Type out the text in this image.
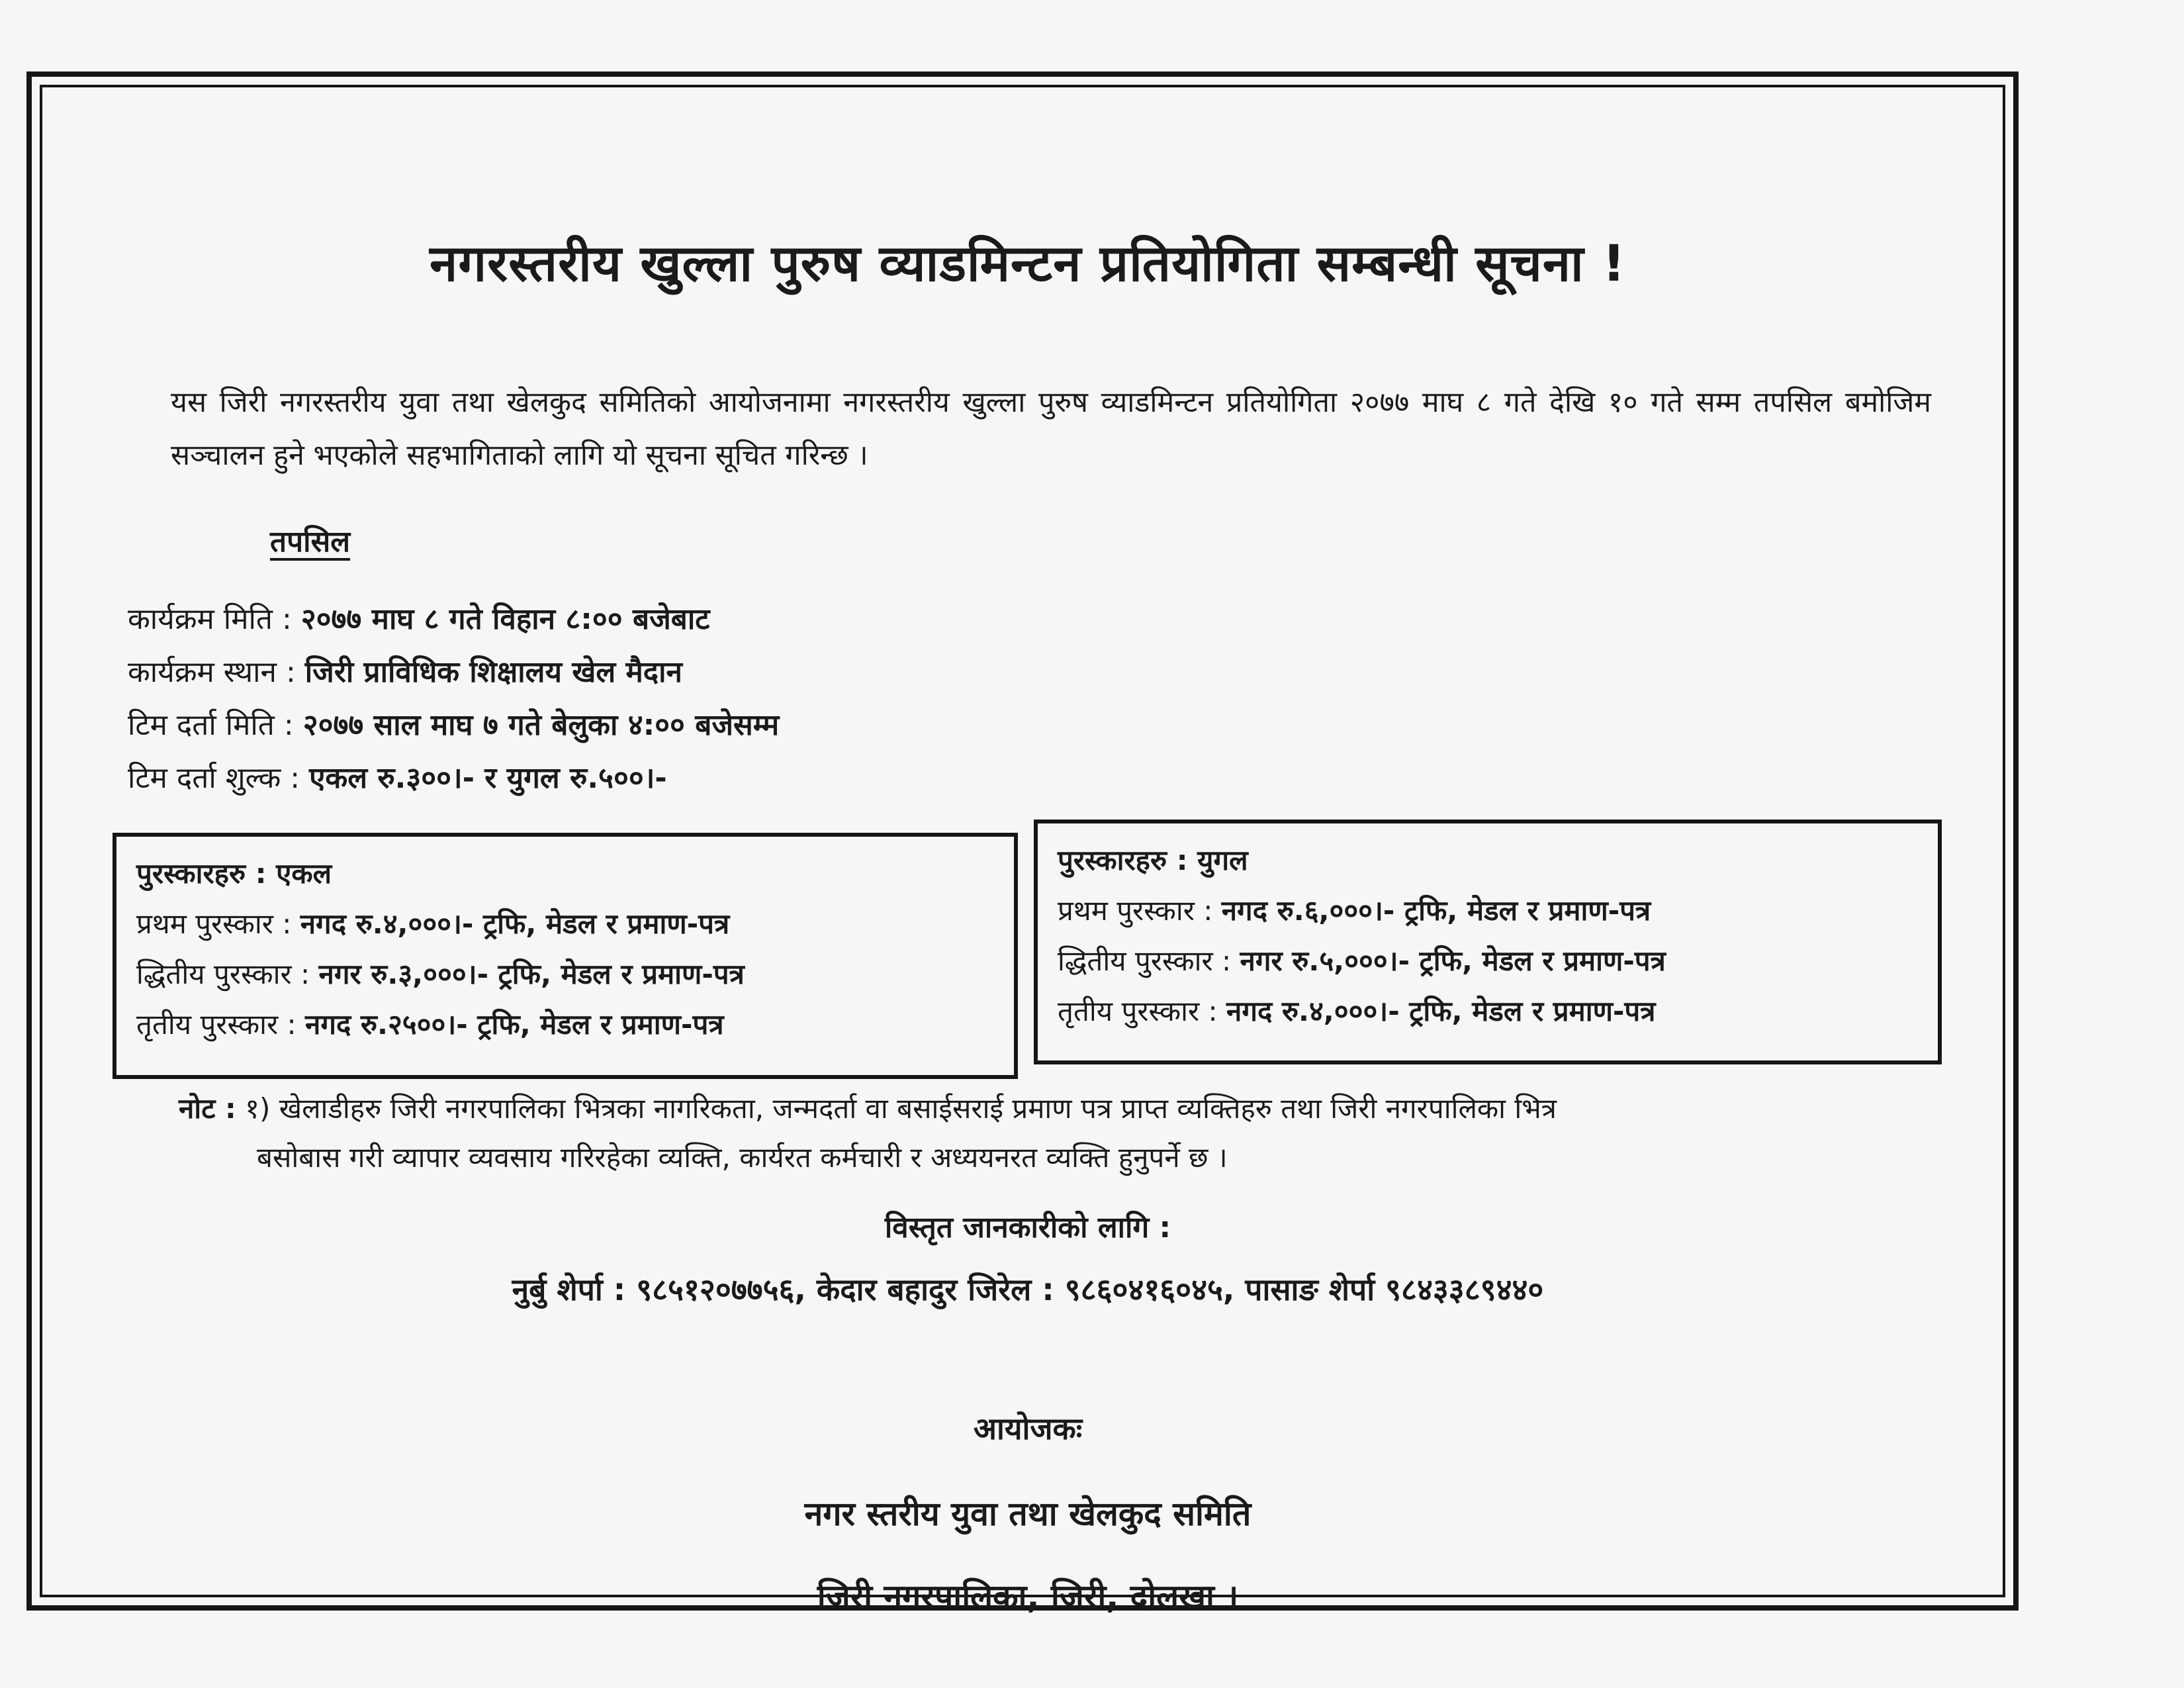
नगरस्तरीय खुल्ला पुरुष व्याडमिन्टन प्रतियोगिता सम्बन्धी सूचना !
यस जिरी नगरस्तरीय युवा तथा खेलकुद समितिको आयोजनामा नगरस्तरीय खुल्ला पुरुष व्याडमिन्टन प्रतियोगिता २०७७ माघ ८ गते देखि १० गते सम्म तपसिल बमोजिम सञ्चालन हुने भएकोले सहभागिताको लागि यो सूचना सूचित गरिन्छ ।
तपसिल
कार्यक्रम मिति : २०७७ माघ ८ गते विहान ८:०० बजेबाट
कार्यक्रम स्थान : जिरी प्राविधिक शिक्षालय खेल मैदान
टिम दर्ता मिति : २०७७ साल माघ ७ गते बेलुका ४:०० बजेसम्म
टिम दर्ता शुल्क : एकल रु.३००।- र युगल रु.५००।-
पुरस्कारहरु : एकल
प्रथम पुरस्कार : नगद रु.४,०००।- ट्रफि, मेडल र प्रमाण-पत्र
द्धितीय पुरस्कार : नगर रु.३,०००।- ट्रफि, मेडल र प्रमाण-पत्र
तृतीय पुरस्कार : नगद रु.२५००।- ट्रफि, मेडल र प्रमाण-पत्र
पुरस्कारहरु : युगल
प्रथम पुरस्कार : नगद रु.६,०००।- ट्रफि, मेडल र प्रमाण-पत्र
द्धितीय पुरस्कार : नगर रु.५,०००।- ट्रफि, मेडल र प्रमाण-पत्र
तृतीय पुरस्कार : नगद रु.४,०००।- ट्रफि, मेडल र प्रमाण-पत्र
नोट : १) खेलाडीहरु जिरी नगरपालिका भित्रका नागरिकता, जन्मदर्ता वा बसाईसराई प्रमाण पत्र प्राप्त व्यक्तिहरु तथा जिरी नगरपालिका भित्र
बसोबास गरी व्यापार व्यवसाय गरिरहेका व्यक्ति, कार्यरत कर्मचारी र अध्ययनरत व्यक्ति हुनुपर्ने छ ।
विस्तृत जानकारीको लागि :
नुर्बु शेर्पा : ९८५१२०७७५६, केदार बहादुर जिरेल : ९८६०४१६०४५, पासाङ शेर्पा ९८४३३८९४४०
आयोजकः
नगर स्तरीय युवा तथा खेलकुद समिति
जिरी नगरपालिका, जिरी, दोलखा ।
